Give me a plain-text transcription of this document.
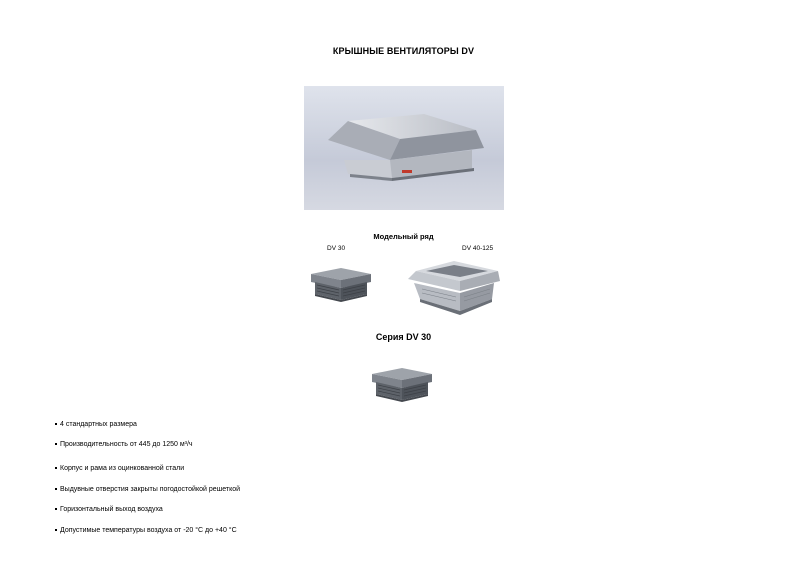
КРЫШНЫЕ ВЕНТИЛЯТОРЫ DV
Модельный ряд
DV 30	DV 40-125
Серия DV 30
4 стандартных размера
Производительность от 445 до 1250 м³/ч
Корпус и рама из оцинкованной стали
Выдувные отверстия закрыты погодостойкой решеткой
Горизонтальный выход воздуха
Допустимые температуры воздуха от -20 °С до +40 °С
